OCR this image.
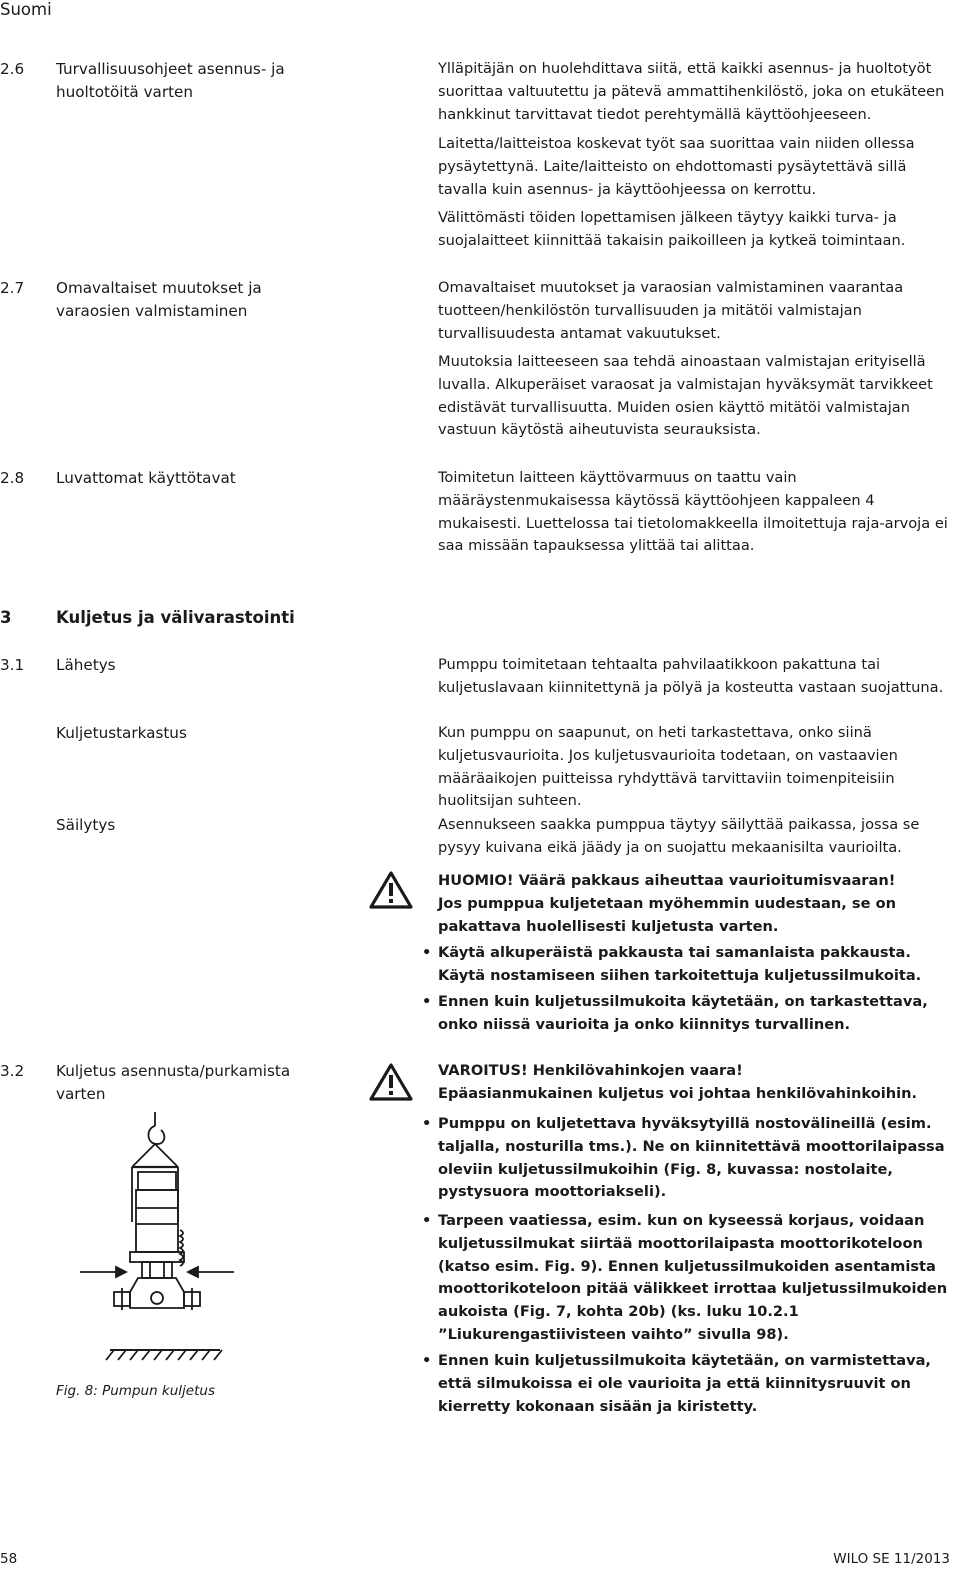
Suomi
2.6 Turvallisuusohjeet asennus- ja huoltotöitä varten

Ylläpitäjän on huolehdittava siitä, että kaikki asennus- ja huoltotyöt suorittaa valtuutettu ja pätevä ammattihenkilöstö, joka on etukäteen hankkinut tarvittavat tiedot perehtymällä käyttöohjeeseen.

Laitetta/laitteistoa koskevat työt saa suorittaa vain niiden ollessa pysäytettynä. Laite/laitteisto on ehdottomasti pysäytettävä sillä tavalla kuin asennus- ja käyttöohjeessa on kerrottu.

Välittömästi töiden lopettamisen jälkeen täytyy kaikki turva- ja suojalaitteet kiinnittää takaisin paikoilleen ja kytkeä toimintaan.

2.7 Omavaltaiset muutokset ja varaosien valmistaminen

Omavaltaiset muutokset ja varaosian valmistaminen vaarantaa tuotteen/henkilöstön turvallisuuden ja mitätöi valmistajan turvallisuudesta antamat vakuutukset.

Muutoksia laitteeseen saa tehdä ainoastaan valmistajan erityisellä luvalla. Alkuperäiset varaosat ja valmistajan hyväksymät tarvikkeet edistävät turvallisuutta. Muiden osien käyttö mitätöi valmistajan vastuun käytöstä aiheutuvista seurauksista.

2.8 Luvattomat käyttötavat	Toimitetun laitteen käyttövarmuus on taattu vain määräystenmukaisessa käytössä käyttöohjeen kappaleen 4 mukaisesti. Luettelossa tai tietolomakkeella ilmoitettuja raja-arvoja ei saa missään tapauksessa ylittää tai alittaa.

3	Kuljetus ja välivarastointi
3.1 Lähetys	Pumppu toimitetaan tehtaalta pahvilaatikkoon pakattuna tai kuljetuslavaan kiinnitettynä ja pölyä ja kosteutta vastaan suojattuna.

Kuljetustarkastus	Kun pumppu on saapunut, on heti tarkastettava, onko siinä kuljetusvaurioita. Jos kuljetusvaurioita todetaan, on vastaavien määräaikojen puitteissa ryhdyttävä tarvittaviin toimenpiteisiin huolitsijan suhteen.

Säilytys	Asennukseen saakka pumppua täytyy säilyttää paikassa, jossa se pysyy kuivana eikä jäädy ja on suojattu mekaanisilta vaurioilta.

HUOMIO! Väärä pakkaus aiheuttaa vaurioitumisvaaran!

Jos pumppua kuljetetaan myöhemmin uudestaan, se on pakattava huolellisesti kuljetusta varten.

• Käytä alkuperäistä pakkausta tai samanlaista pakkausta. Käytä nostamiseen siihen tarkoitettuja kuljetussilmukoita.

• Ennen kuin kuljetussilmukoita käytetään, on tarkastettava, onko niissä vaurioita ja onko kiinnitys turvallinen.

3.2 Kuljetus asennusta/purkamista varten

VAROITUS! Henkilövahinkojen vaara!

Epäasianmukainen kuljetus voi johtaa henkilövahinkoihin.

• Pumppu on kuljetettava hyväksytyillä nostovälineillä (esim. taljalla, nosturilla tms.). Ne on kiinnitettävä moottorilaipassa oleviin kuljetussilmukoihin (Fig. 8, kuvassa: nostolaite, pystysuora moottoriakseli).

• Tarpeen vaatiessa, esim. kun on kyseessä korjaus, voidaan kuljetussilmukat siirtää moottorilaipasta moottorikoteloon (katso esim. Fig. 9). Ennen kuljetussilmukoiden asentamista moottorikoteloon pitää välikkeet irrottaa kuljetussilmukoiden aukoista (Fig. 7, kohta 20b) (ks. luku 10.2.1 ”Liukurengastiivisteen vaihto” sivulla 98).

• Ennen kuin kuljetussilmukoita käytetään, on varmistettava, että silmukoissa ei ole vaurioita ja että kiinnitysruuvit on kierretty kokonaan sisään ja kiristetty.

Fig. 8: Pumpun kuljetus
58	WILO SE 11/2013
